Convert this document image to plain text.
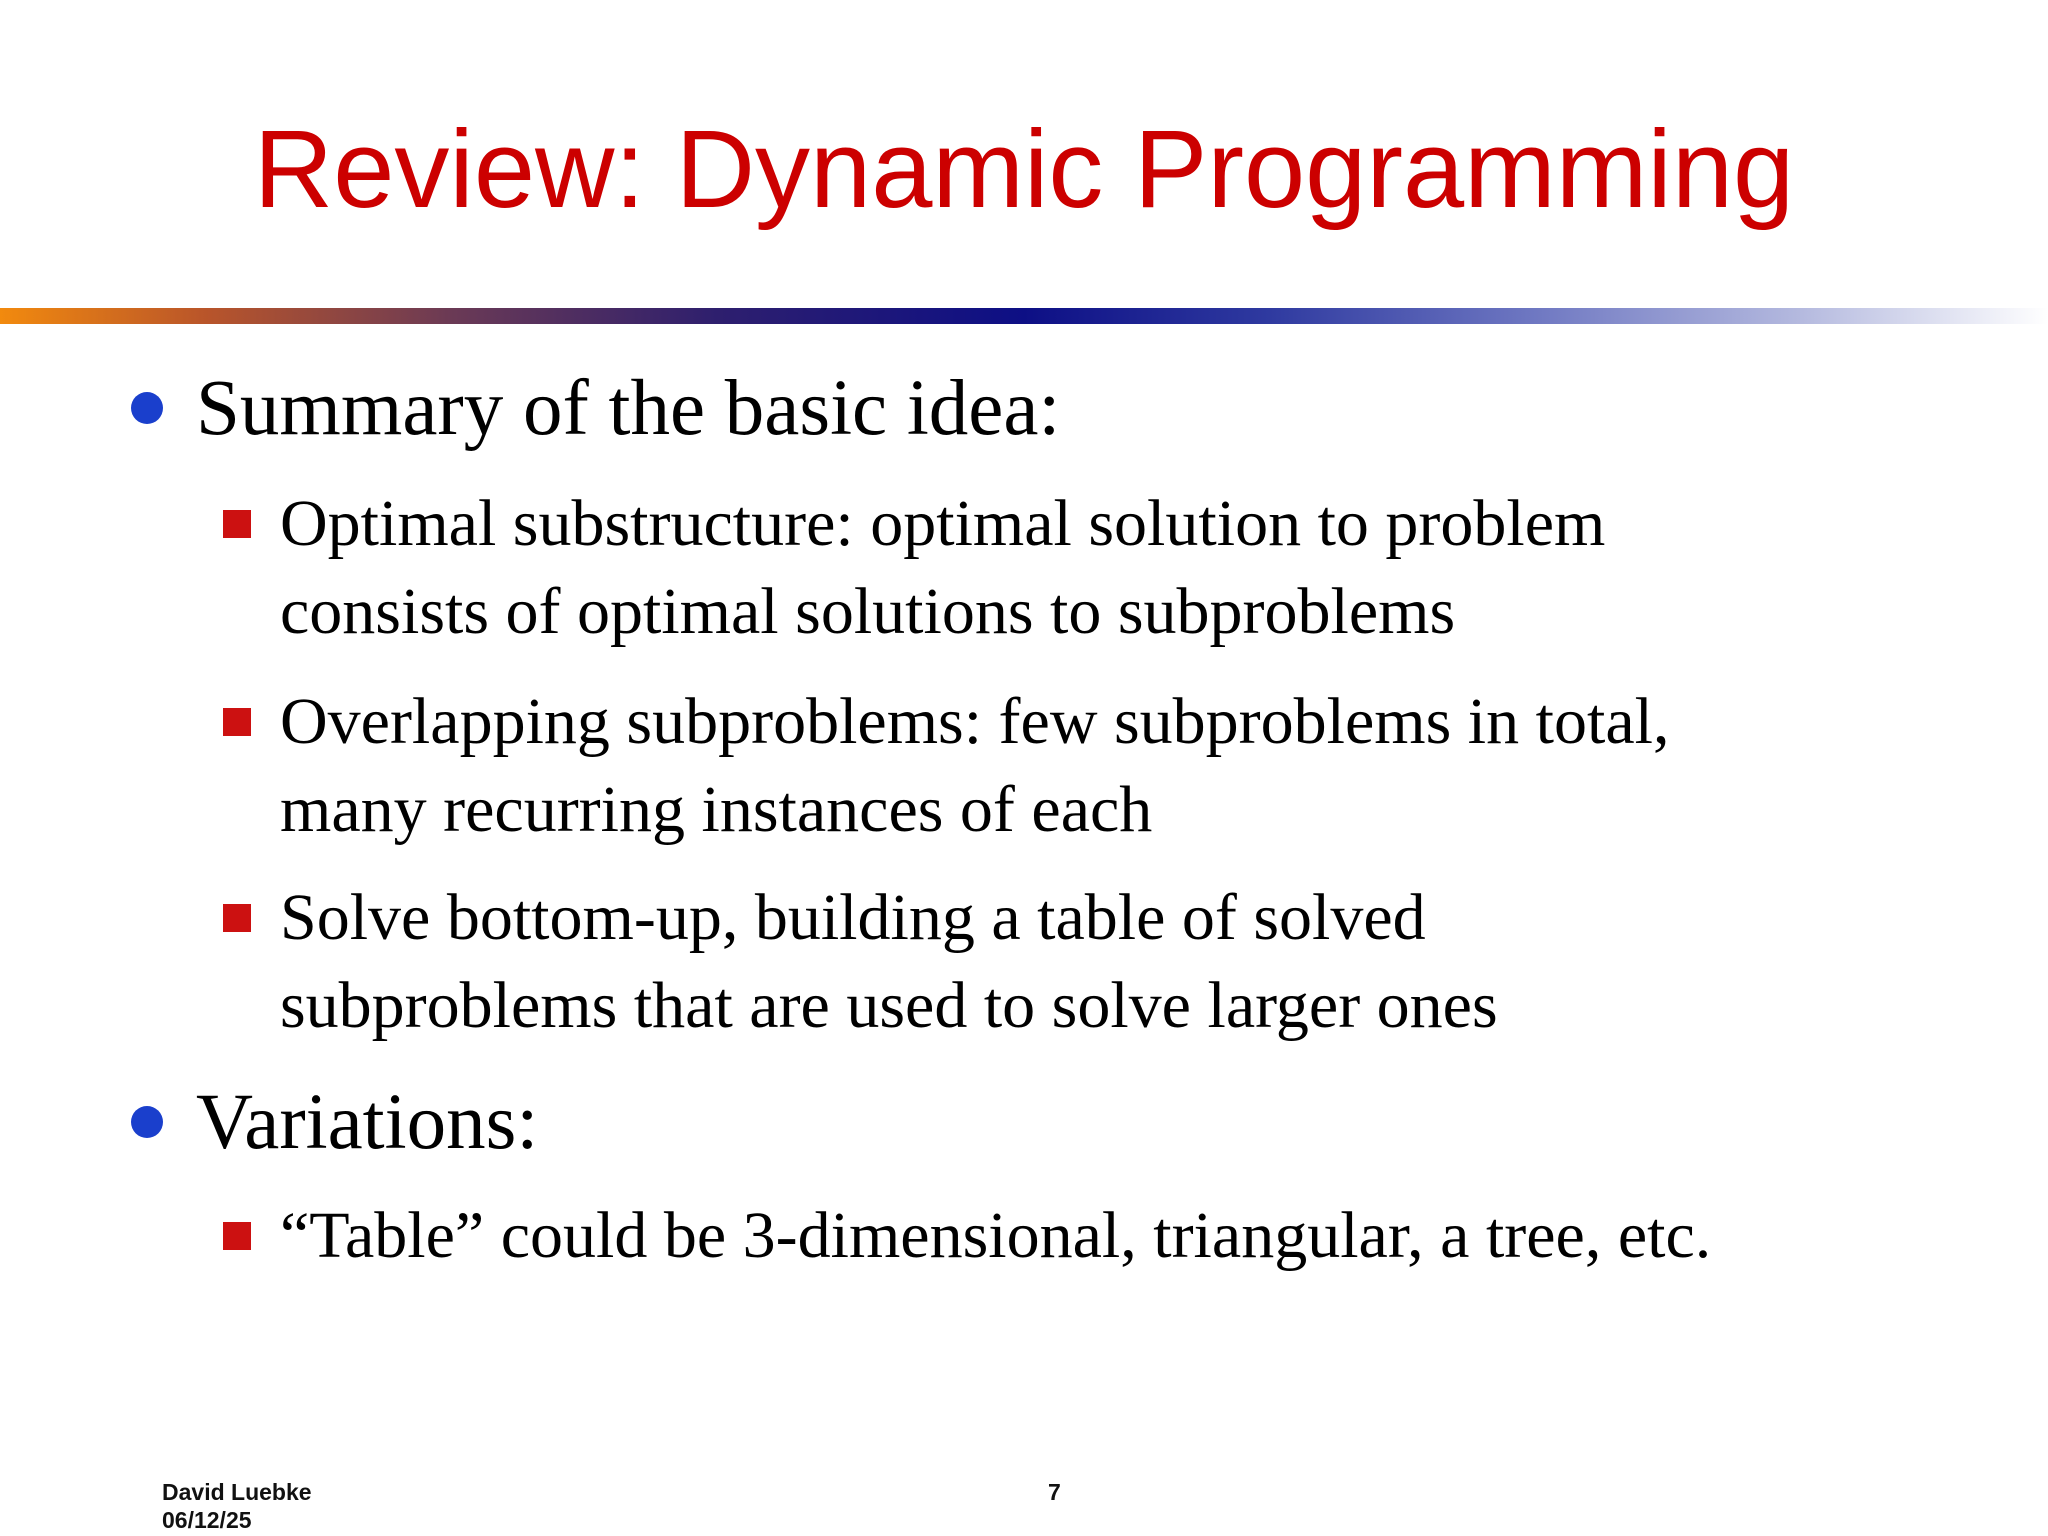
Review: Dynamic Programming
Summary of the basic idea:
Optimal substructure: optimal solution to problem
consists of optimal solutions to subproblems
Overlapping subproblems: few subproblems in total,
many recurring instances of each
Solve bottom-up, building a table of solved
subproblems that are used to solve larger ones
Variations:
“Table” could be 3-dimensional, triangular, a tree, etc.
David Luebke
06/12/25
7
